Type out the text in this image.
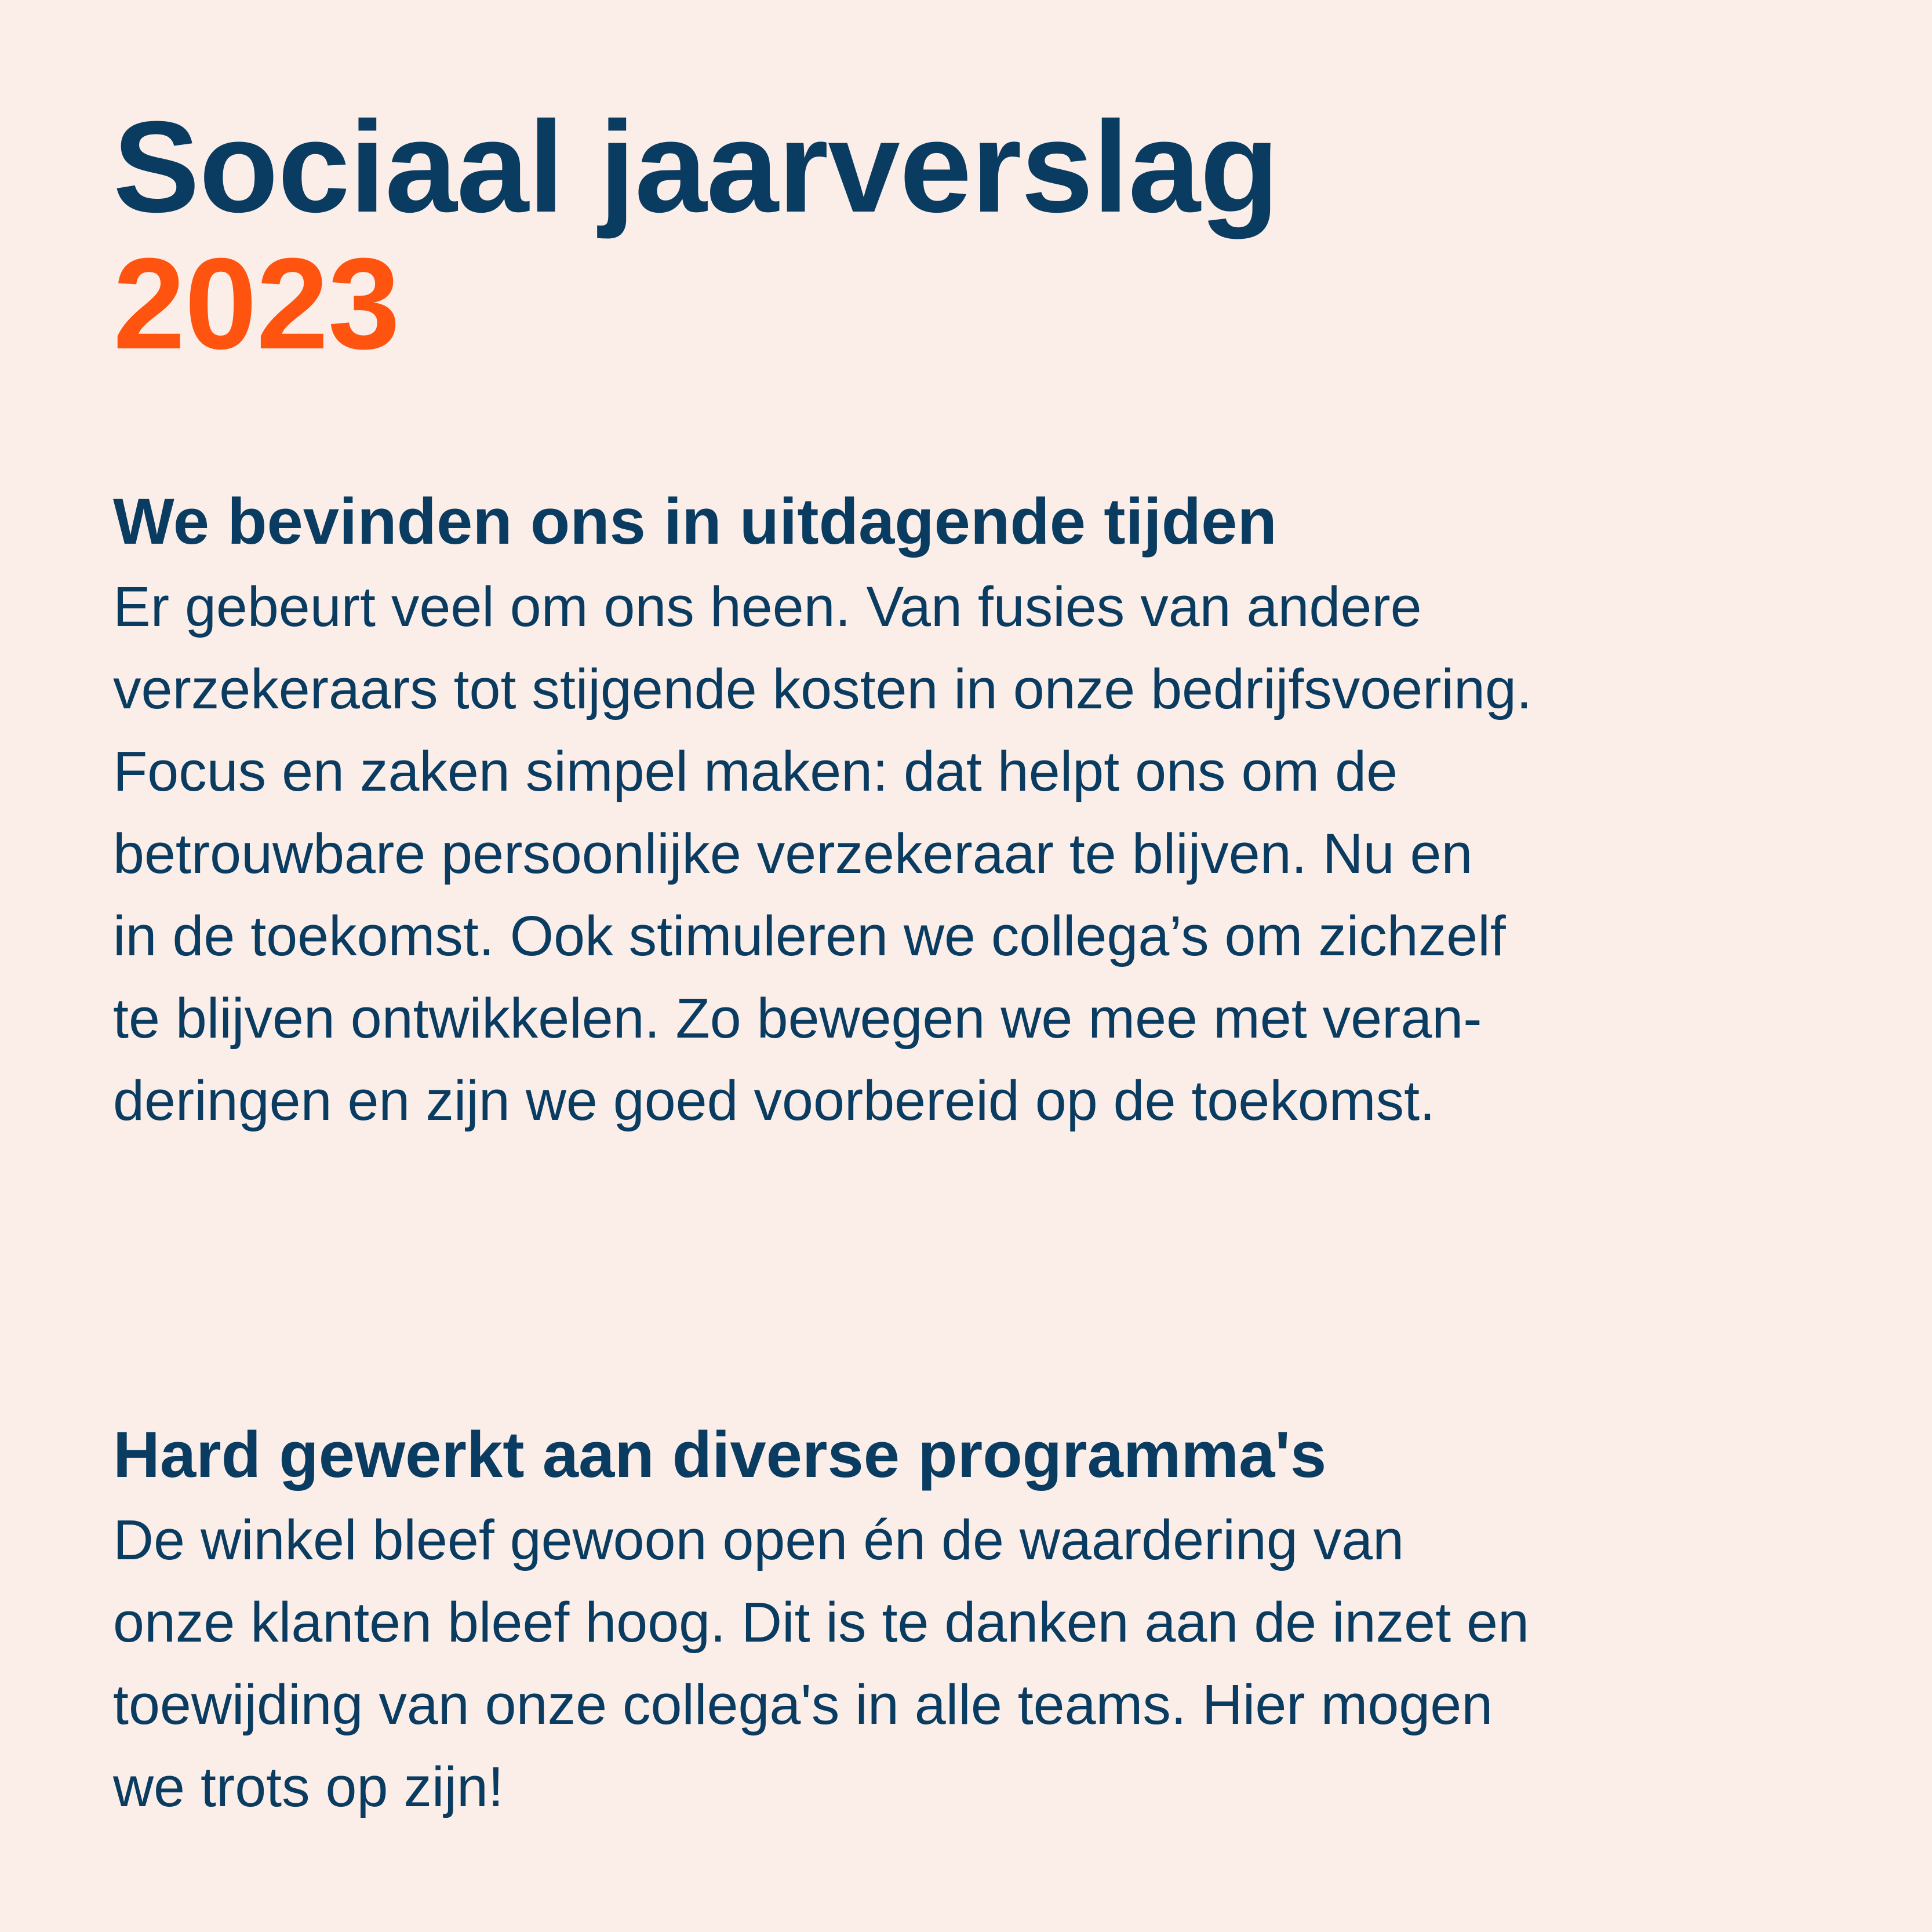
Sociaal jaarverslag
2023
We bevinden ons in uitdagende tijden

Er gebeurt veel om ons heen. Van fusies van andere
verzekeraars tot stijgende kosten in onze bedrijfsvoering.
Focus en zaken simpel maken: dat helpt ons om de
betrouwbare persoonlijke verzekeraar te blijven. Nu en
in de toekomst. Ook stimuleren we collega’s om zichzelf
te blijven ontwikkelen. Zo bewegen we mee met veran-
deringen en zijn we goed voorbereid op de toekomst.

Hard gewerkt aan diverse programma's

De winkel bleef gewoon open én de waardering van
onze klanten bleef hoog. Dit is te danken aan de inzet en
toewijding van onze collega's in alle teams. Hier mogen
we trots op zijn!
